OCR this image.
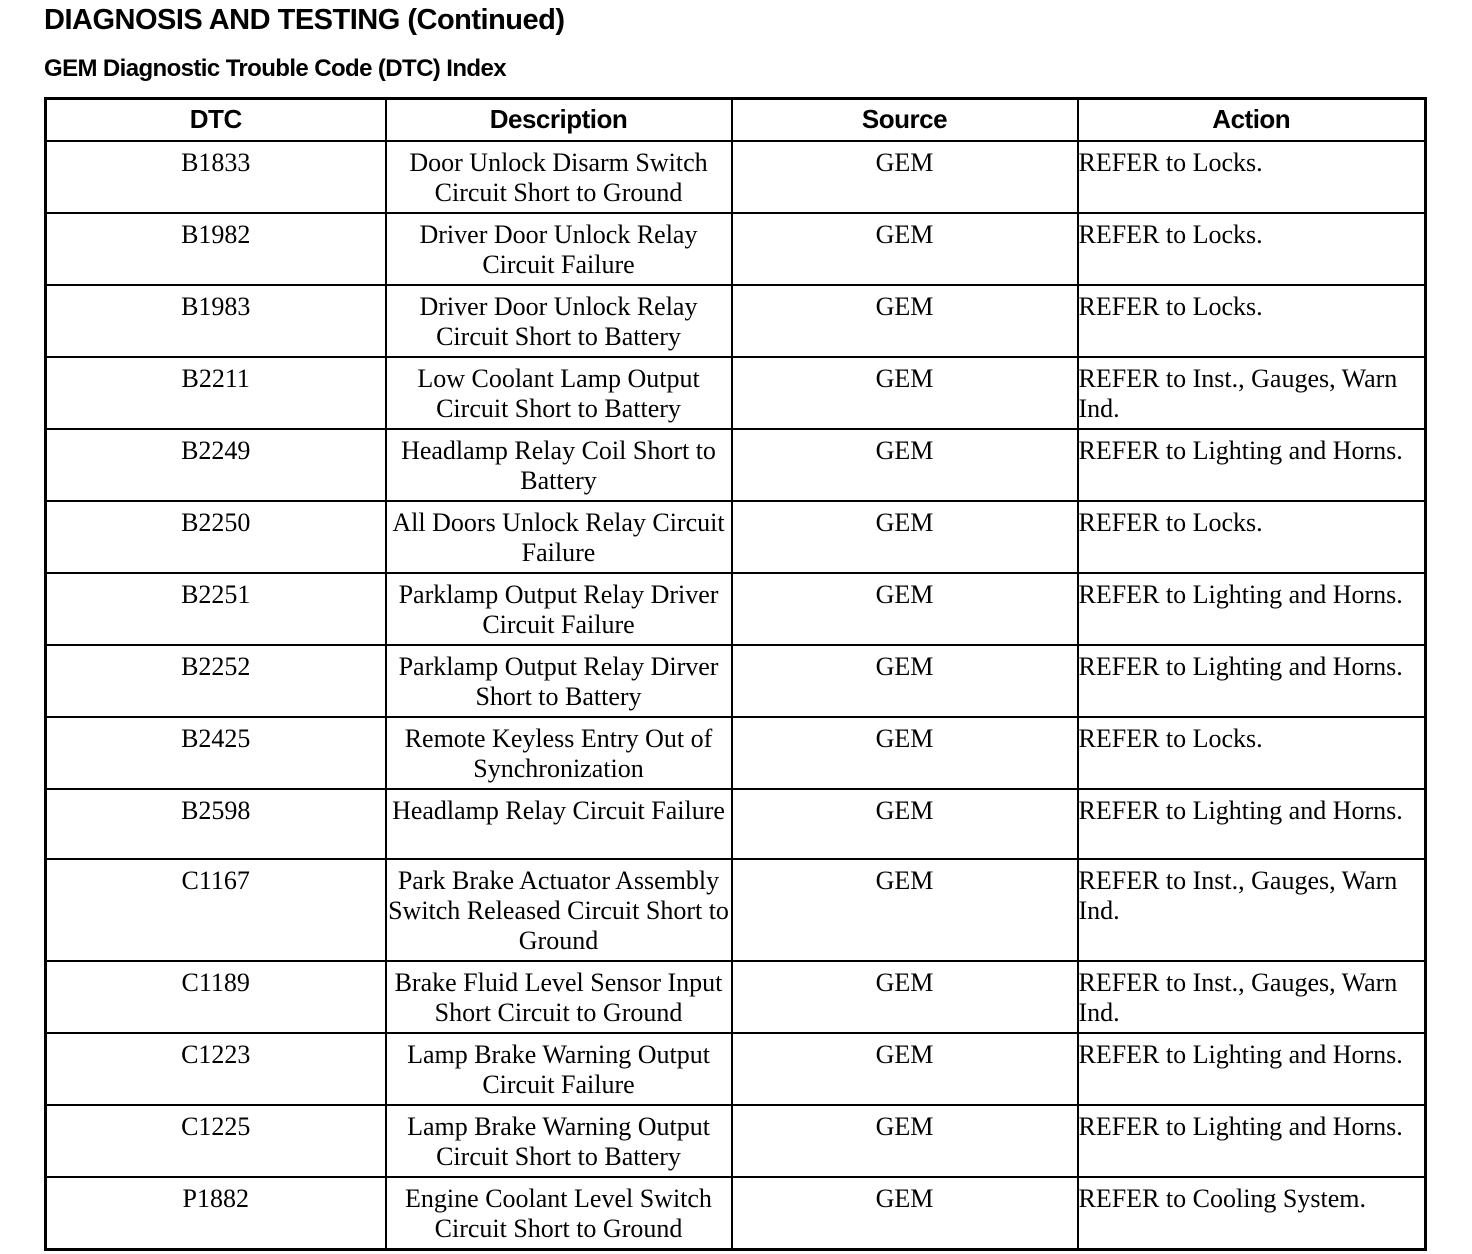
DIAGNOSIS AND TESTING (Continued)
GEM Diagnostic Trouble Code (DTC) Index
DTC	Description	Source	Action
B1833	Door Unlock Disarm Switch Circuit Short to Ground	GEM	REFER to Locks.
B1982	Driver Door Unlock Relay Circuit Failure	GEM	REFER to Locks.
B1983	Driver Door Unlock Relay Circuit Short to Battery	GEM	REFER to Locks.
B2211	Low Coolant Lamp Output Circuit Short to Battery	GEM	REFER to Inst., Gauges, Warn Ind.
B2249	Headlamp Relay Coil Short to Battery	GEM	REFER to Lighting and Horns.
B2250	All Doors Unlock Relay Circuit Failure	GEM	REFER to Locks.
B2251	Parklamp Output Relay Driver Circuit Failure	GEM	REFER to Lighting and Horns.
B2252	Parklamp Output Relay Dirver Short to Battery	GEM	REFER to Lighting and Horns.
B2425	Remote Keyless Entry Out of Synchronization	GEM	REFER to Locks.
B2598	Headlamp Relay Circuit Failure	GEM	REFER to Lighting and Horns.
C1167	Park Brake Actuator Assembly Switch Released Circuit Short to Ground	GEM	REFER to Inst., Gauges, Warn Ind.
C1189	Brake Fluid Level Sensor Input Short Circuit to Ground	GEM	REFER to Inst., Gauges, Warn Ind.
C1223	Lamp Brake Warning Output Circuit Failure	GEM	REFER to Lighting and Horns.
C1225	Lamp Brake Warning Output Circuit Short to Battery	GEM	REFER to Lighting and Horns.
P1882	Engine Coolant Level Switch Circuit Short to Ground	GEM	REFER to Cooling System.
